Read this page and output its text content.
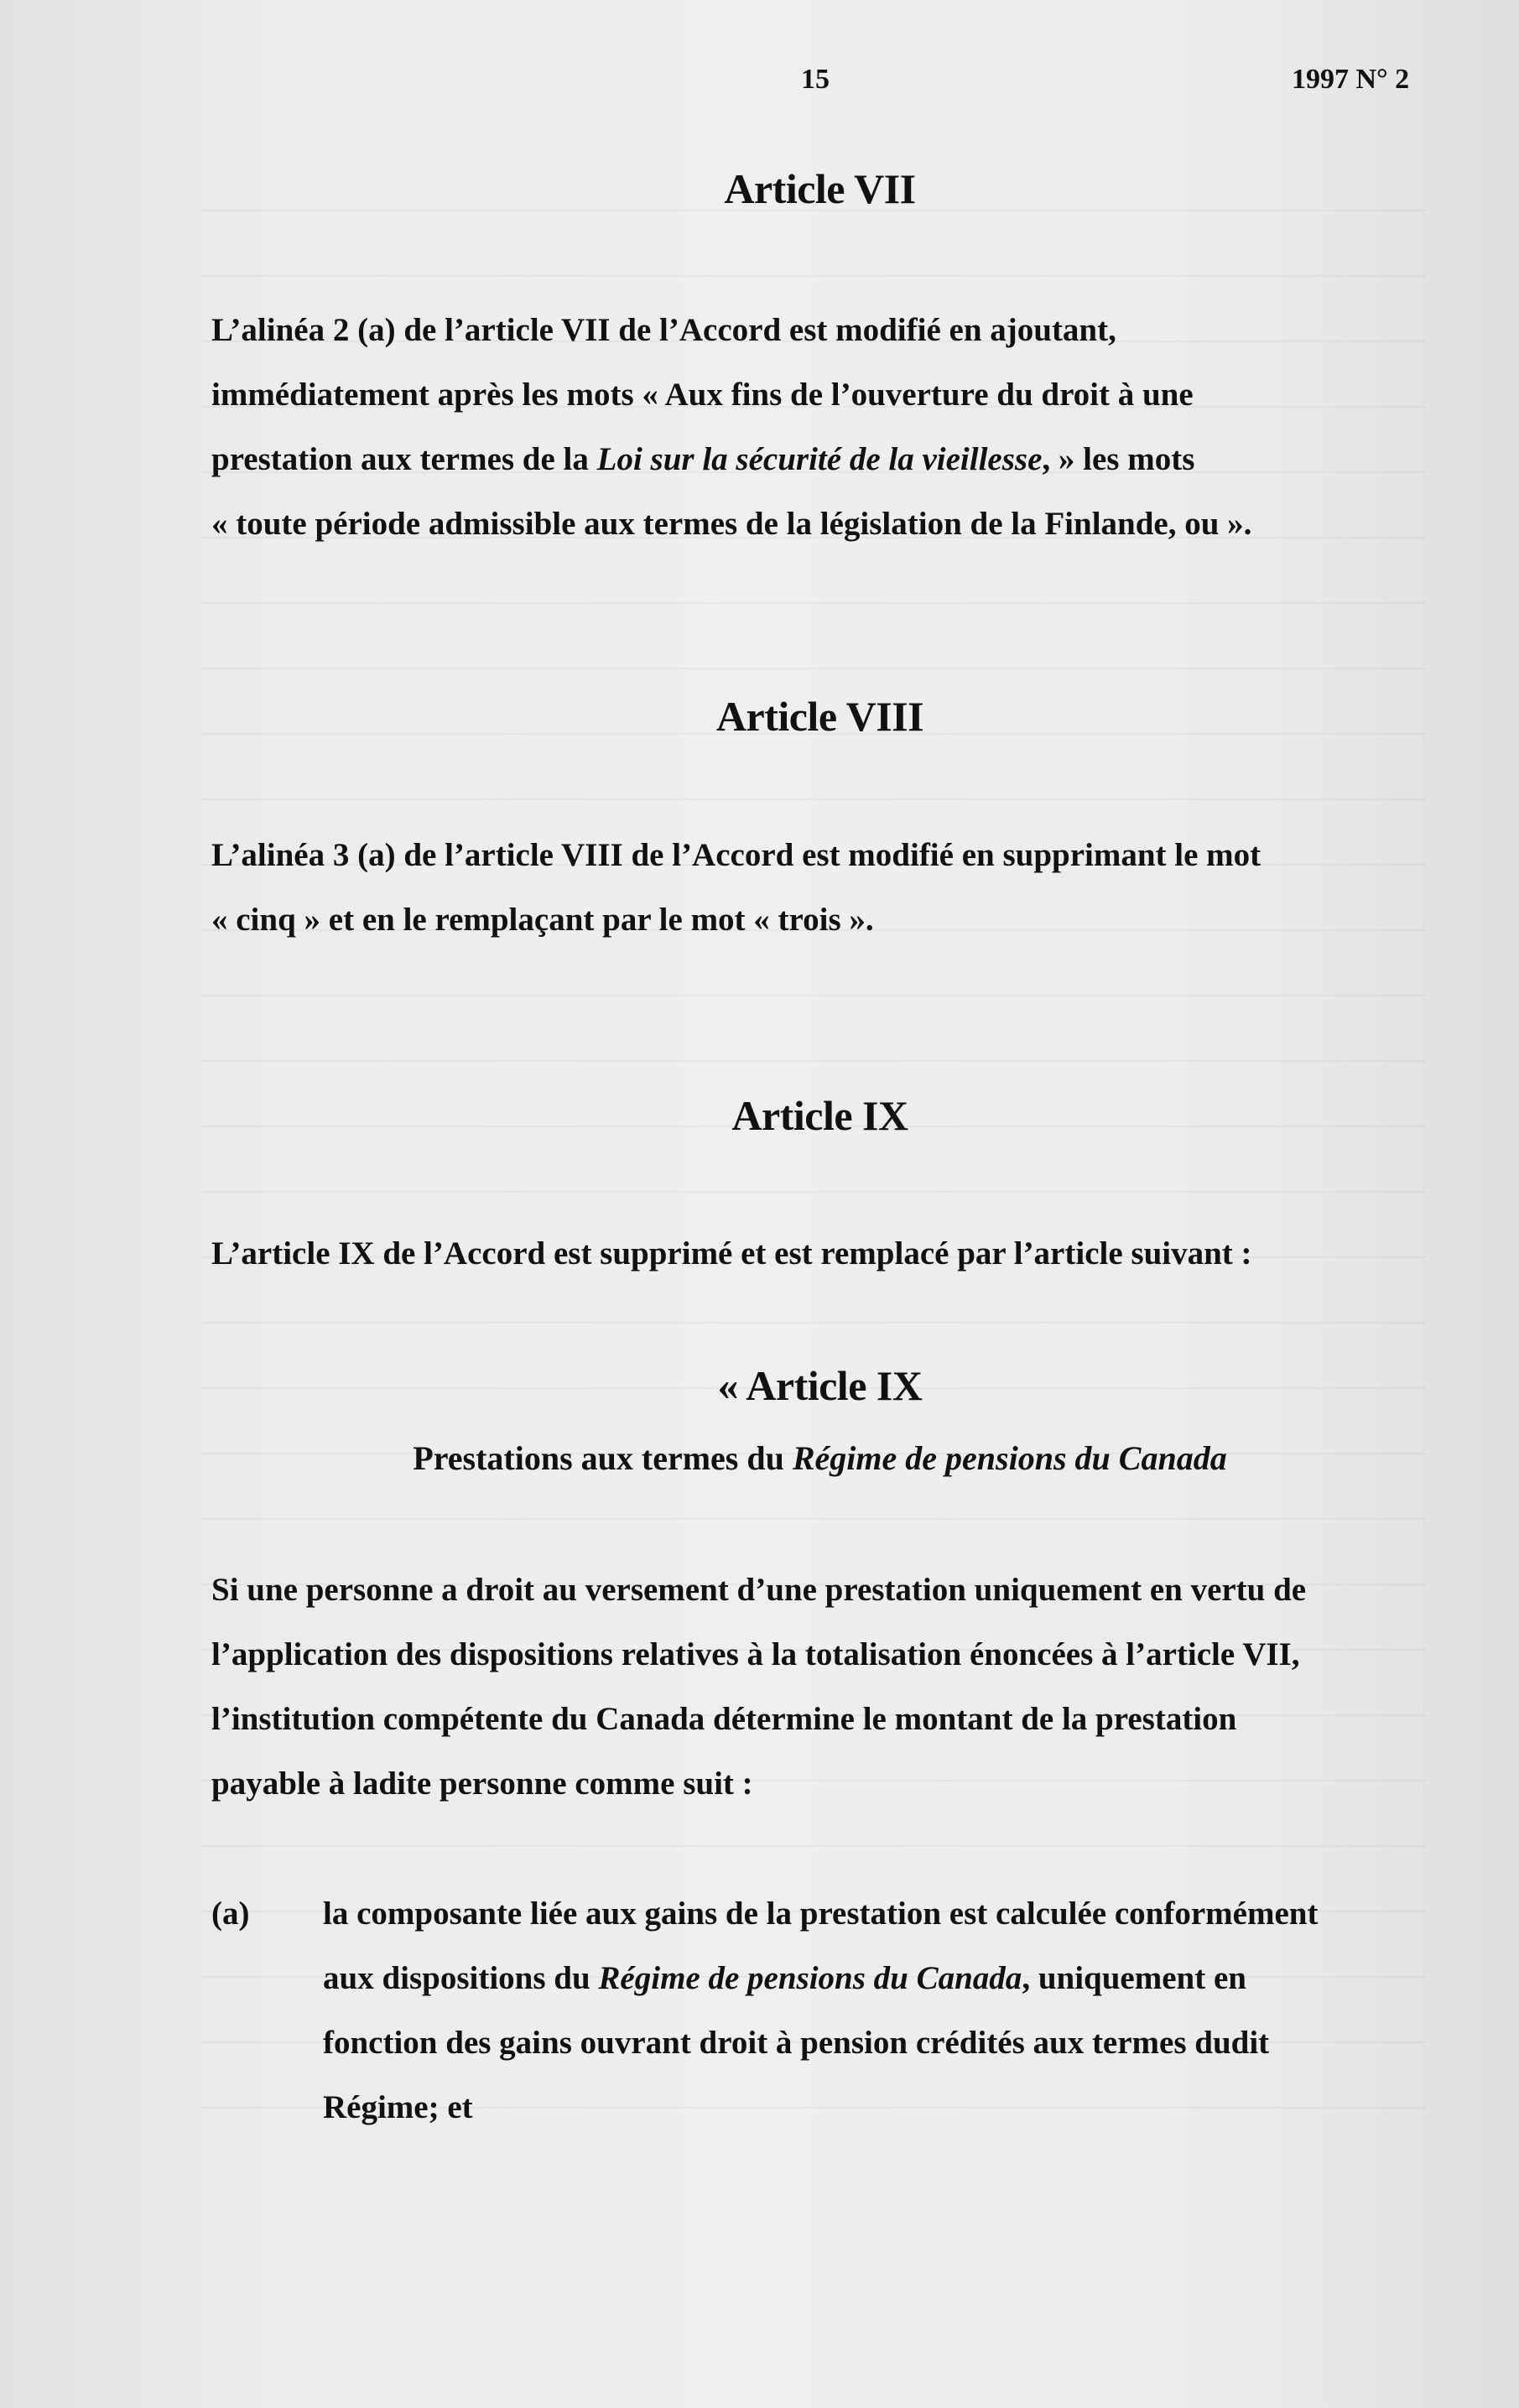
15	1997 N° 2
Article VII

L’alinéa 2 (a) de l’article VII de l’Accord est modifié en ajoutant,

immédiatement après les mots « Aux fins de l’ouverture du droit à une

prestation aux termes de la Loi sur la sécurité de la vieillesse, » les mots

« toute période admissible aux termes de la législation de la Finlande, ou ».

Article VIII

L’alinéa 3 (a) de l’article VIII de l’Accord est modifié en supprimant le mot

« cinq » et en le remplaçant par le mot « trois ».

Article IX

L’article IX de l’Accord est supprimé et est remplacé par l’article suivant :

« Article IX
Prestations aux termes du Régime de pensions du Canada

Si une personne a droit au versement d’une prestation uniquement en vertu de

l’application des dispositions relatives à la totalisation énoncées à l’article VII,

l’institution compétente du Canada détermine le montant de la prestation

payable à ladite personne comme suit :

(a) la composante liée aux gains de la prestation est calculée conformément

aux dispositions du Régime de pensions du Canada, uniquement en

fonction des gains ouvrant droit à pension crédités aux termes dudit

Régime; et
